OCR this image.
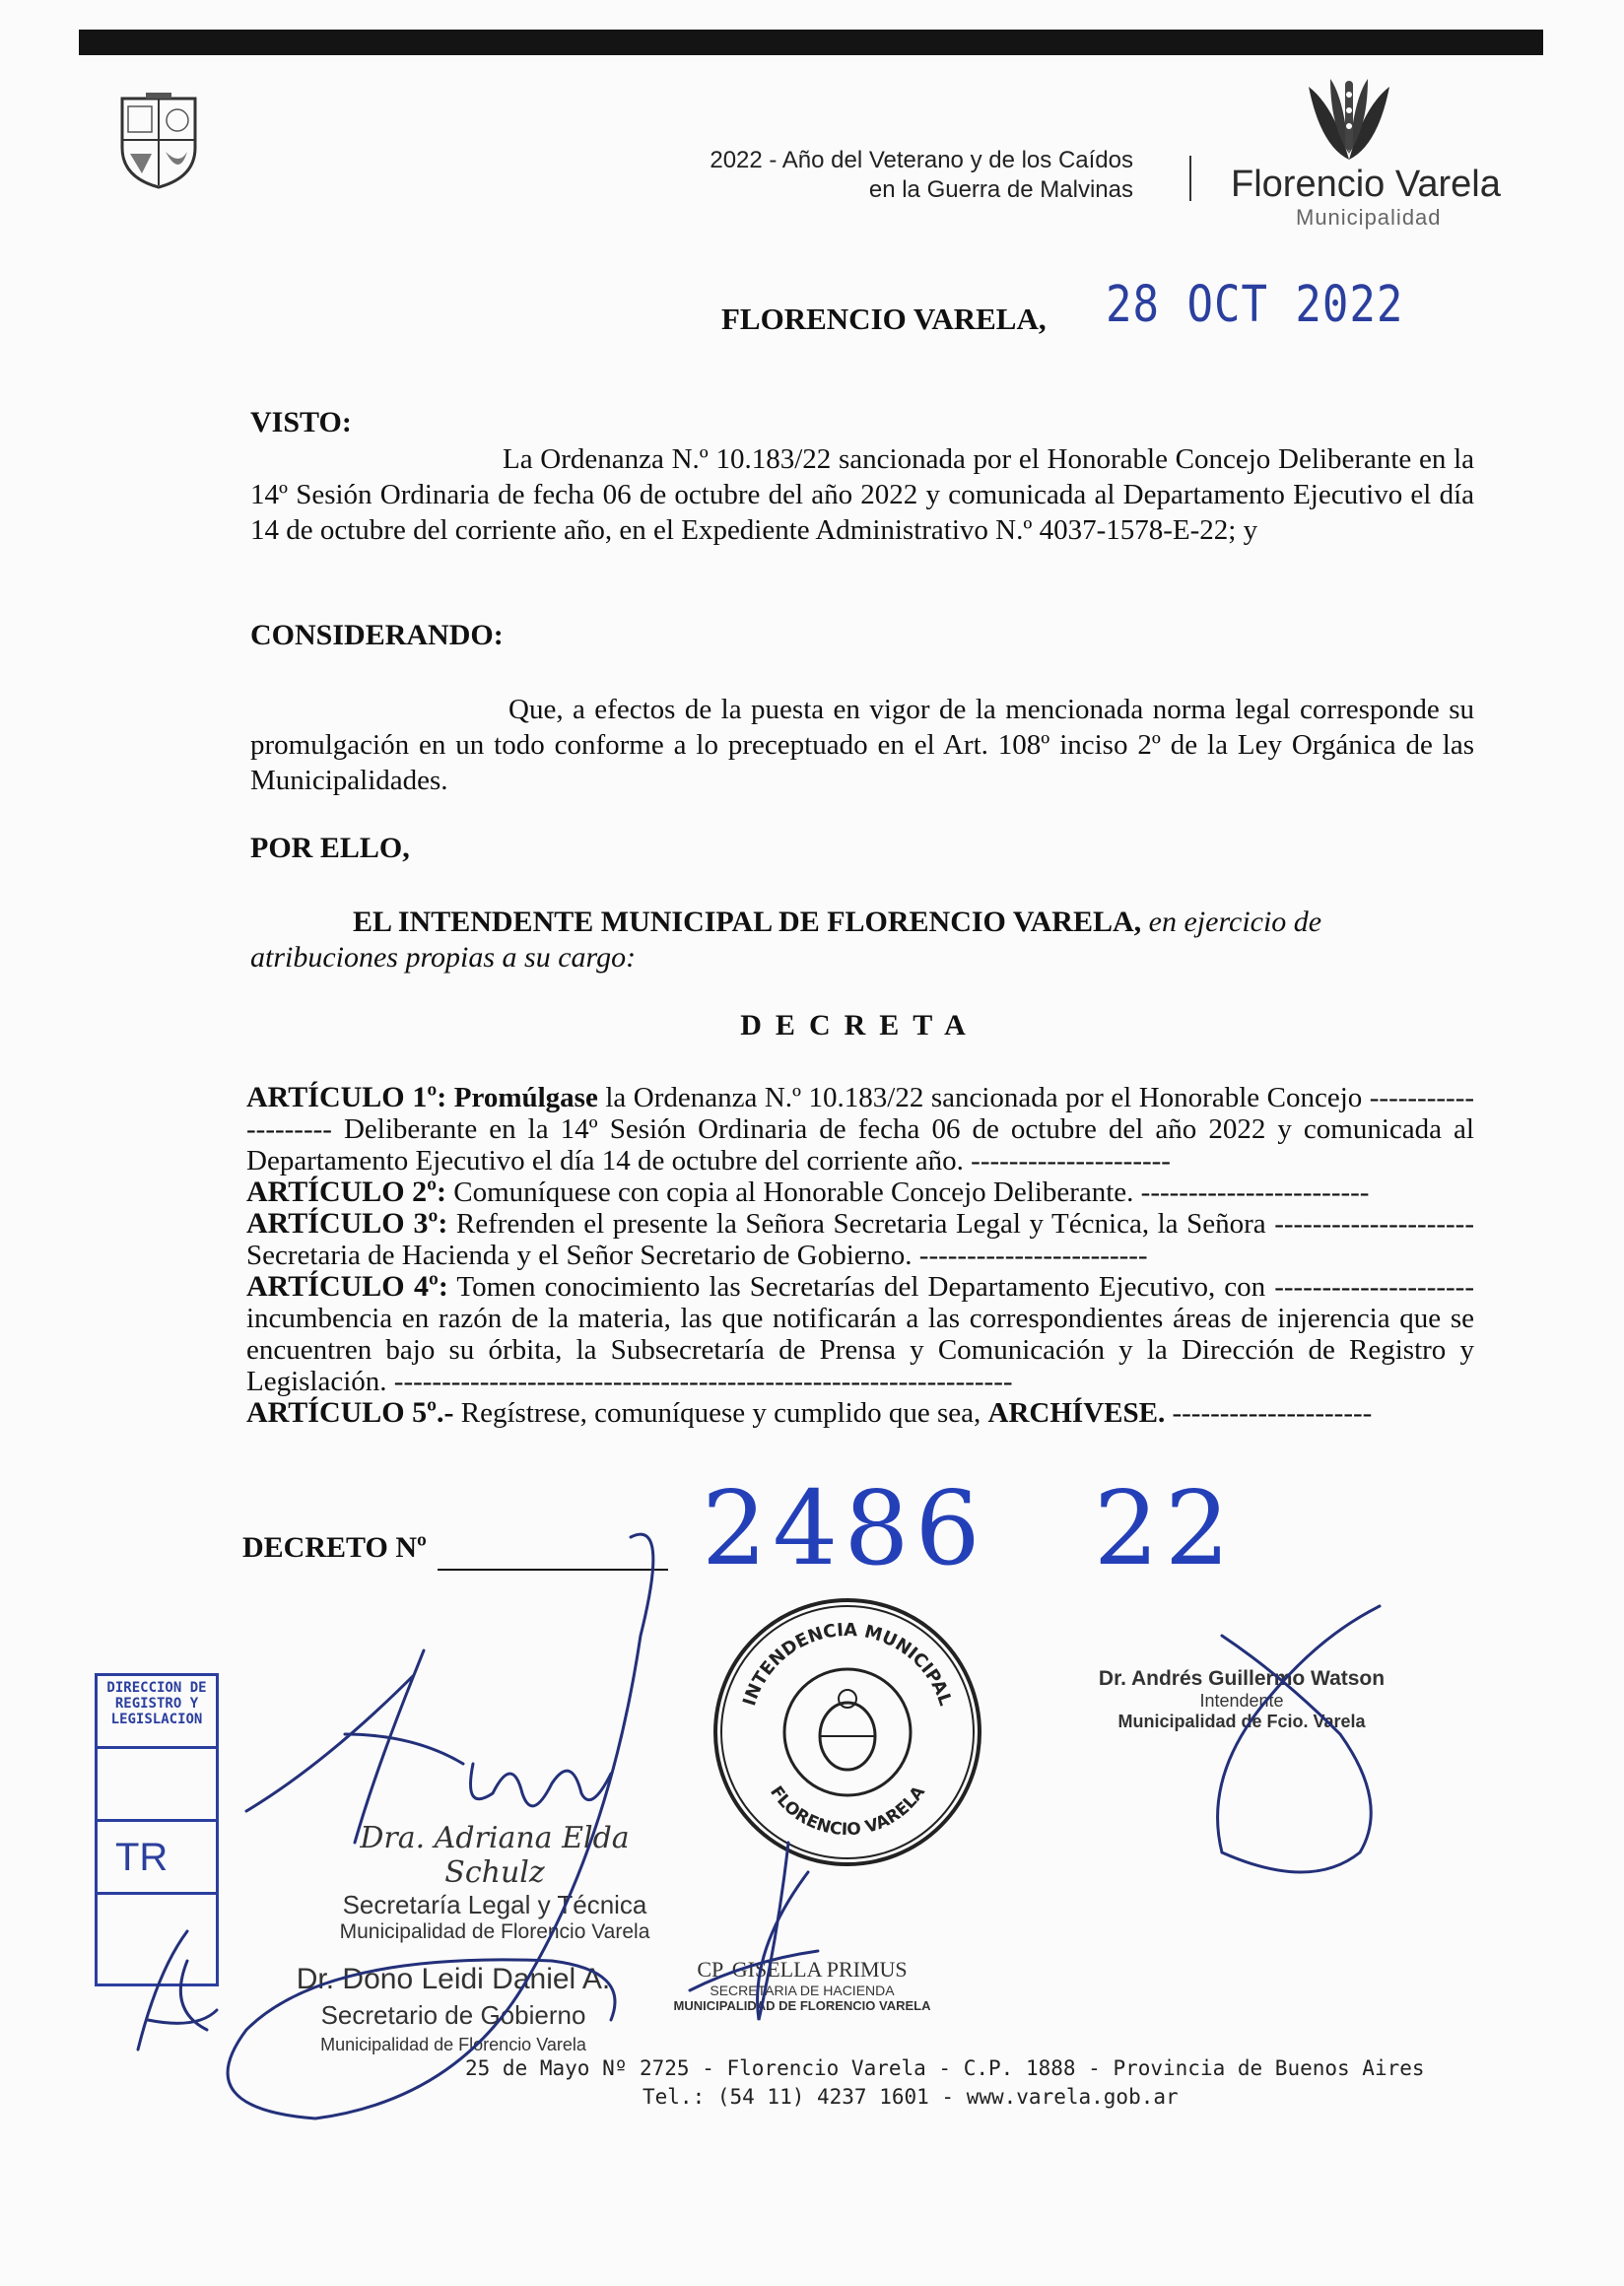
2022 - Año del Veterano y de los Caídos
en la Guerra de Malvinas	Florencio Varela
Municipalidad
FLORENCIO VARELA, 28 OCT 2022
VISTO:
La Ordenanza N.º 10.183/22 sancionada por el Honorable Concejo Deliberante en la 14º Sesión Ordinaria de fecha 06 de octubre del año 2022 y comunicada al Departamento Ejecutivo el día 14 de octubre del corriente año, en el Expediente Administrativo N.º 4037-1578-E-22; y
CONSIDERANDO:
Que, a efectos de la puesta en vigor de la mencionada norma legal corresponde su promulgación en un todo conforme a lo preceptuado en el Art. 108º inciso 2º de la Ley Orgánica de las Municipalidades.
POR ELLO,
EL INTENDENTE MUNICIPAL DE FLORENCIO VARELA, en ejercicio de atribuciones propias a su cargo:
DECRETA

ARTÍCULO 1º: Promúlgase la Ordenanza N.º 10.183/22 sancionada por el Honorable Concejo -------------------- Deliberante en la 14º Sesión Ordinaria de fecha 06 de octubre del año 2022 y comunicada al Departamento Ejecutivo el día 14 de octubre del corriente año. ---------------------

ARTÍCULO 2º: Comuníquese con copia al Honorable Concejo Deliberante. ------------------------

ARTÍCULO 3º: Refrenden el presente la Señora Secretaria Legal y Técnica, la Señora --------------------- Secretaria de Hacienda y el Señor Secretario de Gobierno. ------------------------

ARTÍCULO 4º: Tomen conocimiento las Secretarías del Departamento Ejecutivo, con --------------------- incumbencia en razón de la materia, las que notificarán a las correspondientes áreas de injerencia que se encuentren bajo su órbita, la Subsecretaría de Prensa y Comunicación y la Dirección de Registro y Legislación. -----------------------------------------------------------------

ARTÍCULO 5º.- Regístrese, comuníquese y cumplido que sea, ARCHÍVESE. ---------------------

DECRETO Nº	2486 22
DIRECCION DE REGISTRO Y LEGISLACION
TR
INTENDENCIA MUNICIPAL
FLORENCIO VARELA
Dra. Adriana Elda Schulz
Secretaría Legal y Técnica
Municipalidad de Florencio Varela
Dr. Dono Leidi Daniel A.
Secretario de Gobierno
Municipalidad de Florencio Varela
CP. GISELLA PRIMUS
SECRETARIA DE HACIENDA
MUNICIPALIDAD DE FLORENCIO VARELA
Dr. Andrés Guillermo Watson
Intendente
Municipalidad de Fcio. Varela
25 de Mayo Nº 2725 - Florencio Varela - C.P. 1888 - Provincia de Buenos Aires
Tel.: (54 11) 4237 1601 - www.varela.gob.ar
